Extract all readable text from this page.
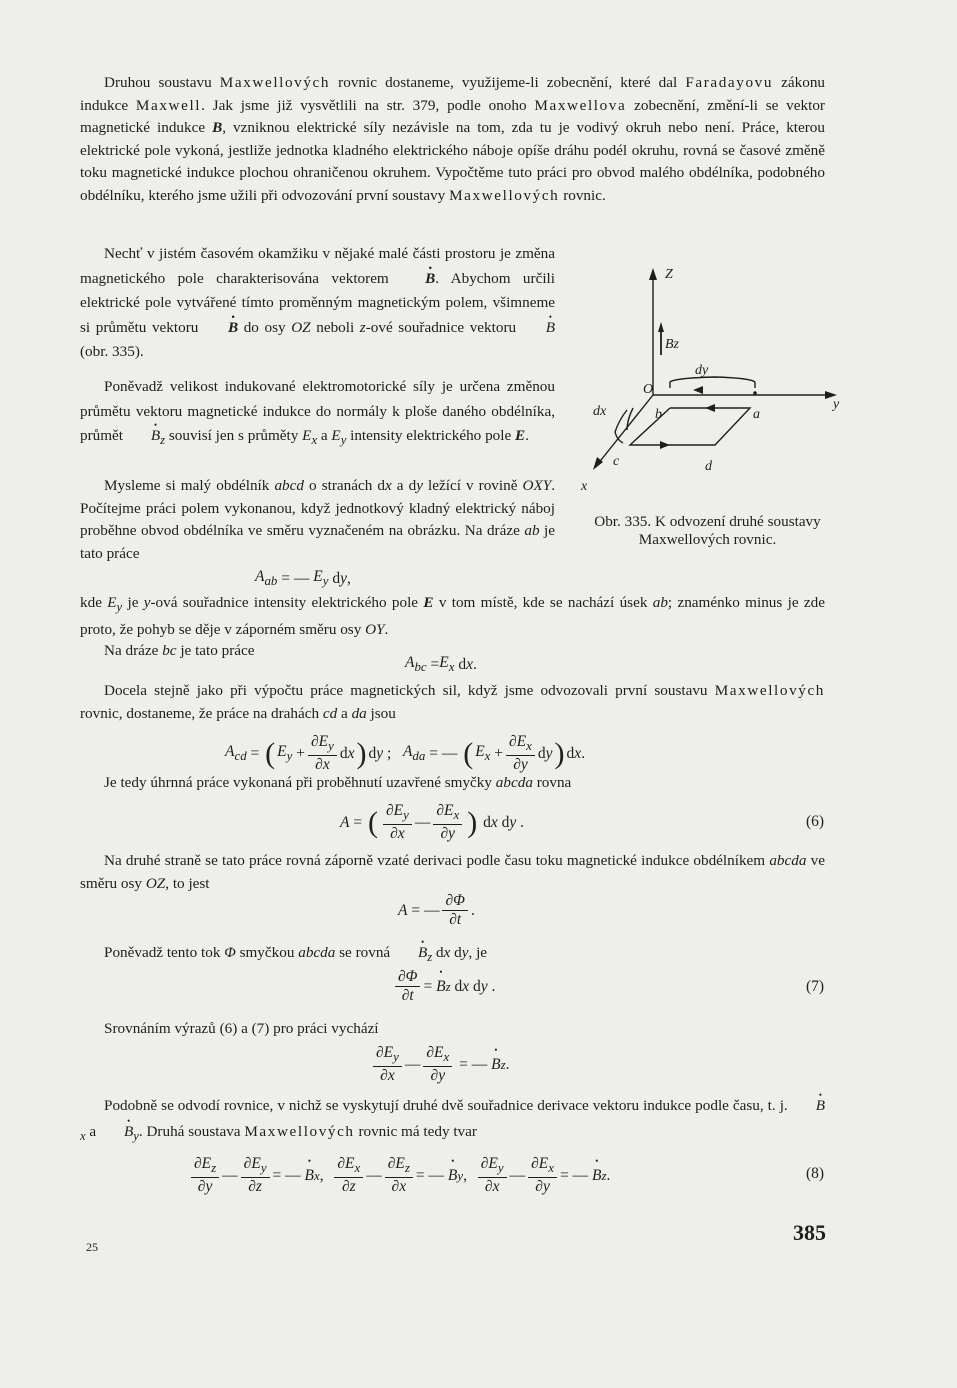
Druhou soustavu Maxwellových rovnic dostaneme, využijeme-li zobecnění, které dal Faradayovu zákonu indukce Maxwell. Jak jsme již vysvětlili na str. 379, podle onoho Maxwellova zobecnění, změní-li se vektor magnetické indukce B, vzniknou elektrické síly nezávisle na tom, zda tu je vodivý okruh nebo není. Práce, kterou elektrické pole vykoná, jestliže jednotka kladného elektrického náboje opíše dráhu podél okruhu, rovná se časové změně toku magnetické indukce plochou ohraničenou okruhem. Vypočtěme tuto práci pro obvod malého obdélníka, podobného obdélníku, kterého jsme užili při odvozování první soustavy Maxwellových rovnic.
Nechť v jistém časovém okamžiku v nějaké malé části prostoru je změna magnetického pole charakterisována vektorem • B. Abychom určili elektrické pole vytvářené tímto proměnným magnetickým polem, všimneme si průmětu vektoru • B do osy OZ neboli z-ové souřadnice vektoru • B (obr. 335).
Poněvadž velikost indukované elektromotorické síly je určena změnou průmětu vektoru magnetické indukce do normály k ploše daného obdélníka, průmět • $B_z$ souvisí jen s průměty $E_x$ a $E_y$ intensity elektrického pole E.
Mysleme si malý obdélník abcd o stranách dx a dy ležící v rovině OXY. Počítejme práci polem vykonanou, když jednotkový kladný elektrický náboj proběhne obvod obdélníka ve směru vyznačeném na obrázku. Na dráze ab je tato práce
Z
y
x
O
a
b
c	d
dx
dy
Bz
Obr. 335. K odvození druhé soustavy Maxwellových rovnic.
$A_{ab}$ = — $E_y$ d y ,
kde $E_y$ je y-ová souřadnice intensity elektrického pole E v tom místě, kde se nachází úsek ab; znaménko minus je zde proto, že pohyb se děje v záporném směru osy OY.
Na dráze bc je tato práce
$A_{bc} = E_x$ d x .
Docela stejně jako při výpočtu práce magnetických sil, když jsme odvozovali první soustavu Maxwellových rovnic, dostaneme, že práce na drahách cd a da jsou
$A_{cd}$ = ( $E_y + \frac{\partial E_y}{\partial x}$ d x ) d y ; $A_{da}$ = — ( $E_x + \frac{\partial E_x}{\partial y}$ d y ) d x .
Je tedy úhrnná práce vykonaná při proběhnutí uzavřené smyčky abcda rovna
A = ( $\frac{\partial E_y}{\partial x}$ — $\frac{\partial E_x}{\partial y}$ ) d x d y .	(6)
Na druhé straně se tato práce rovná záporně vzaté derivaci podle času toku magnetické indukce obdélníkem abcda ve směru osy OZ, to jest
A = — $\frac{\partial\Phi}{\partial t}$ .
Poněvadž tento tok Φ smyčkou abcda se rovná • $B_z$ dx dy, je
$\frac{\partial\Phi}{\partial t}$ = • B z d x d y .	(7)
Srovnáním výrazů (6) a (7) pro práci vychází
$\frac{\partial E_y}{\partial x}$ — $\frac{\partial E_x}{\partial y}$ = — • B z .
Podobně se odvodí rovnice, v nichž se vyskytují druhé dvě souřadnice derivace vektoru indukce podle času, t. j. • $B_x$ a • $B_y$. Druhá soustava Maxwellových rovnic má tedy tvar
$\frac{\partial E_z}{\partial y}$ — $\frac{\partial E_y}{\partial z}$ = — • B x , $\frac{\partial E_x}{\partial z}$ — $\frac{\partial E_z}{\partial x}$ = — • B y , $\frac{\partial E_y}{\partial x}$ — $\frac{\partial E_x}{\partial y}$ = — • B z .	(8)
25
385
